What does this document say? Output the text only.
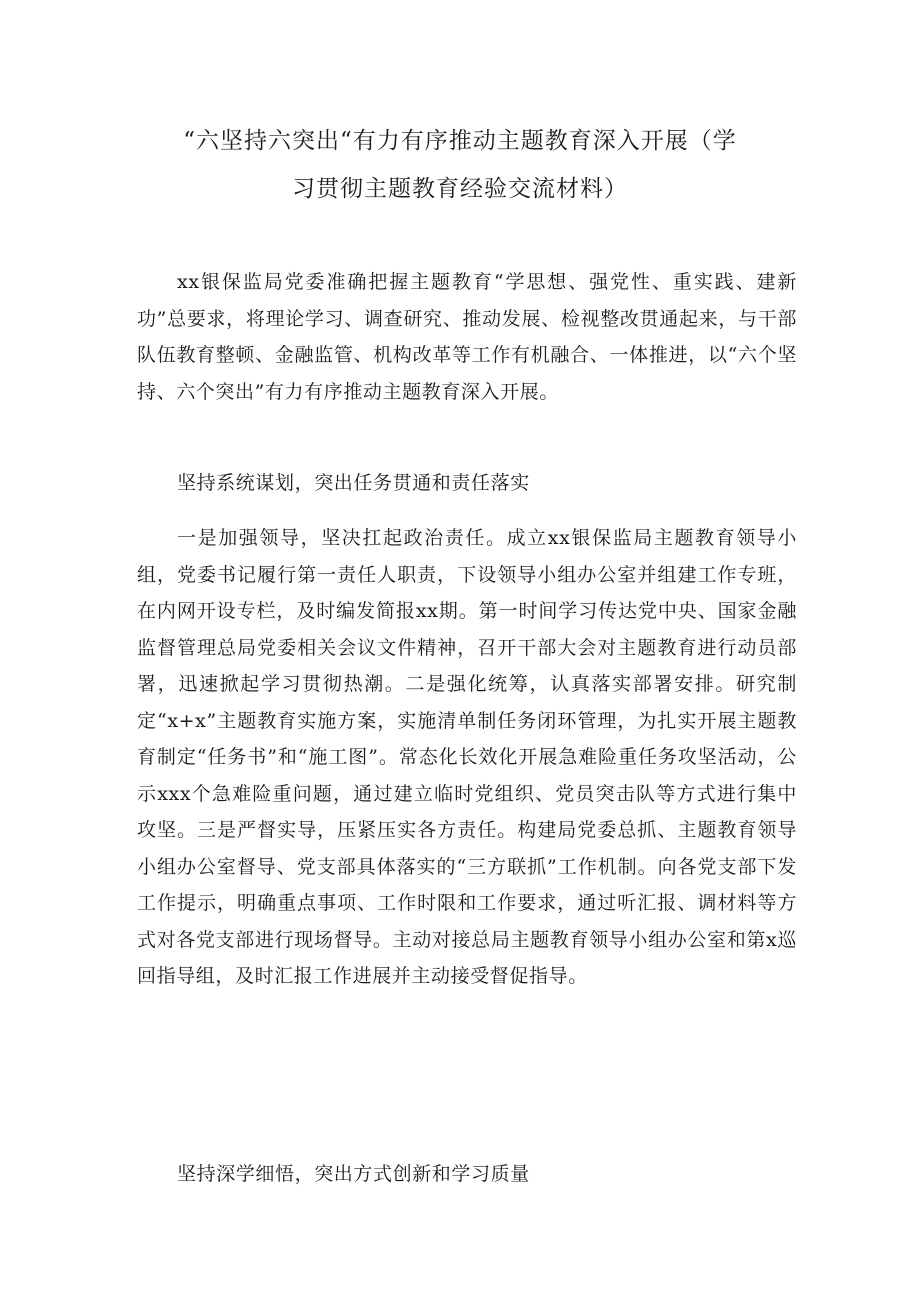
“六坚持六突出“有力有序推动主题教育深入开展（学
习贯彻主题教育经验交流材料）

xx银保监局党委准确把握主题教育“学思想、强党性、重实践、建新功”总要求，将理论学习、调查研究、推动发展、检视整改贯通起来，与干部队伍教育整顿、金融监管、机构改革等工作有机融合、一体推进，以“六个坚持、六个突出”有力有序推动主题教育深入开展。

坚持系统谋划，突出任务贯通和责任落实

一是加强领导，坚决扛起政治责任。成立xx银保监局主题教育领导小组，党委书记履行第一责任人职责，下设领导小组办公室并组建工作专班，在内网开设专栏，及时编发简报xx期。第一时间学习传达党中央、国家金融监督管理总局党委相关会议文件精神，召开干部大会对主题教育进行动员部署，迅速掀起学习贯彻热潮。二是强化统筹，认真落实部署安排。研究制定“x+x”主题教育实施方案，实施清单制任务闭环管理，为扎实开展主题教育制定“任务书”和“施工图”。常态化长效化开展急难险重任务攻坚活动，公示xxx个急难险重问题，通过建立临时党组织、党员突击队等方式进行集中攻坚。三是严督实导，压紧压实各方责任。构建局党委总抓、主题教育领导小组办公室督导、党支部具体落实的“三方联抓”工作机制。向各党支部下发工作提示，明确重点事项、工作时限和工作要求，通过听汇报、调材料等方式对各党支部进行现场督导。主动对接总局主题教育领导小组办公室和第x巡回指导组，及时汇报工作进展并主动接受督促指导。

坚持深学细悟，突出方式创新和学习质量
